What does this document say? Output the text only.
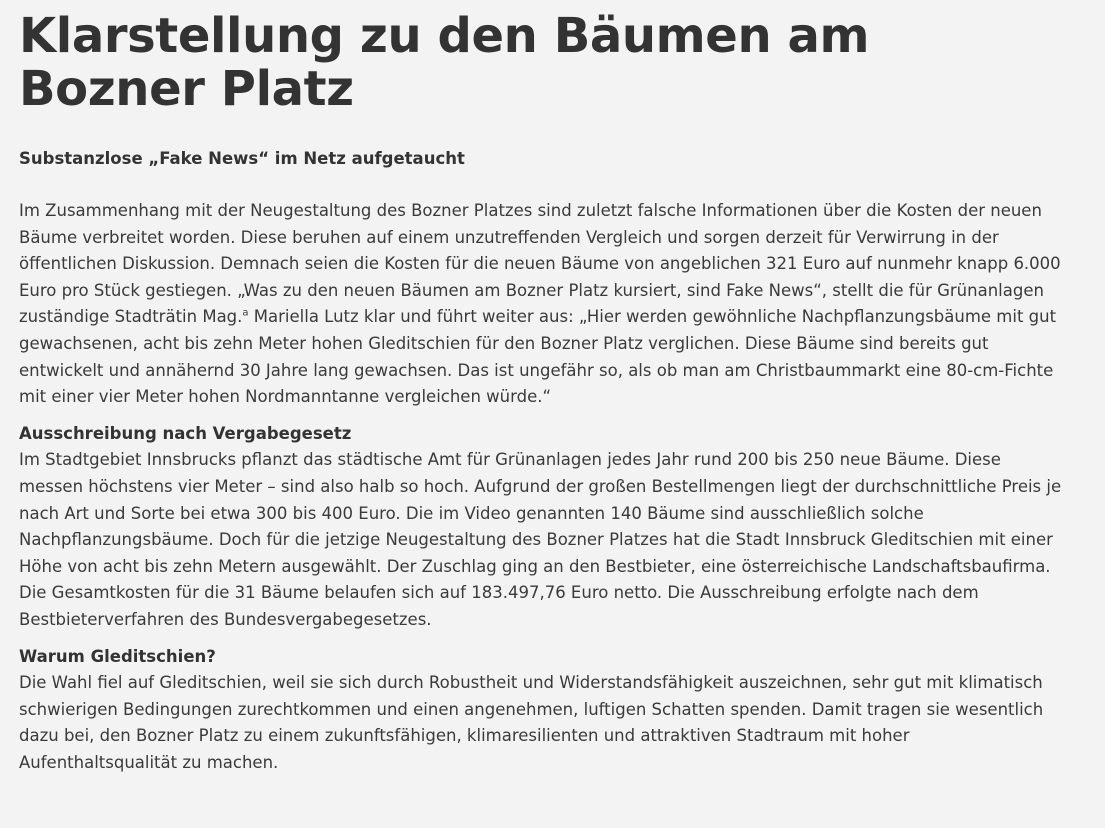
Klarstellung zu den Bäumen am Bozner Platz
Substanzlose „Fake News“ im Netz aufgetaucht

Im Zusammenhang mit der Neugestaltung des Bozner Platzes sind zuletzt falsche Informationen über die Kosten der neuen Bäume verbreitet worden. Diese beruhen auf einem unzutreffenden Vergleich und sorgen derzeit für Verwirrung in der öffentlichen Diskussion. Demnach seien die Kosten für die neuen Bäume von angeblichen 321 Euro auf nunmehr knapp 6.000 Euro pro Stück gestiegen. „Was zu den neuen Bäumen am Bozner Platz kursiert, sind Fake News“, stellt die für Grünanlagen zuständige Stadträtin Mag.$^a$ Mariella Lutz klar und führt weiter aus: „Hier werden gewöhnliche Nachpflanzungsbäume mit gut gewachsenen, acht bis zehn Meter hohen Gleditschien für den Bozner Platz verglichen. Diese Bäume sind bereits gut entwickelt und annähernd 30 Jahre lang gewachsen. Das ist ungefähr so, als ob man am Christbaummarkt eine 80-cm-Fichte mit einer vier Meter hohen Nordmanntanne vergleichen würde.“

Ausschreibung nach Vergabegesetz

Im Stadtgebiet Innsbrucks pflanzt das städtische Amt für Grünanlagen jedes Jahr rund 200 bis 250 neue Bäume. Diese messen höchstens vier Meter – sind also halb so hoch. Aufgrund der großen Bestellmengen liegt der durchschnittliche Preis je nach Art und Sorte bei etwa 300 bis 400 Euro. Die im Video genannten 140 Bäume sind ausschließlich solche Nachpflanzungsbäume. Doch für die jetzige Neugestaltung des Bozner Platzes hat die Stadt Innsbruck Gleditschien mit einer Höhe von acht bis zehn Metern ausgewählt. Der Zuschlag ging an den Bestbieter, eine österreichische Landschaftsbaufirma. Die Gesamtkosten für die 31 Bäume belaufen sich auf 183.497,76 Euro netto. Die Ausschreibung erfolgte nach dem Bestbieterverfahren des Bundesvergabegesetzes.

Warum Gleditschien?

Die Wahl fiel auf Gleditschien, weil sie sich durch Robustheit und Widerstandsfähigkeit auszeichnen, sehr gut mit klimatisch schwierigen Bedingungen zurechtkommen und einen angenehmen, luftigen Schatten spenden. Damit tragen sie wesentlich dazu bei, den Bozner Platz zu einem zukunftsfähigen, klimaresilienten und attraktiven Stadtraum mit hoher Aufenthaltsqualität zu machen.
